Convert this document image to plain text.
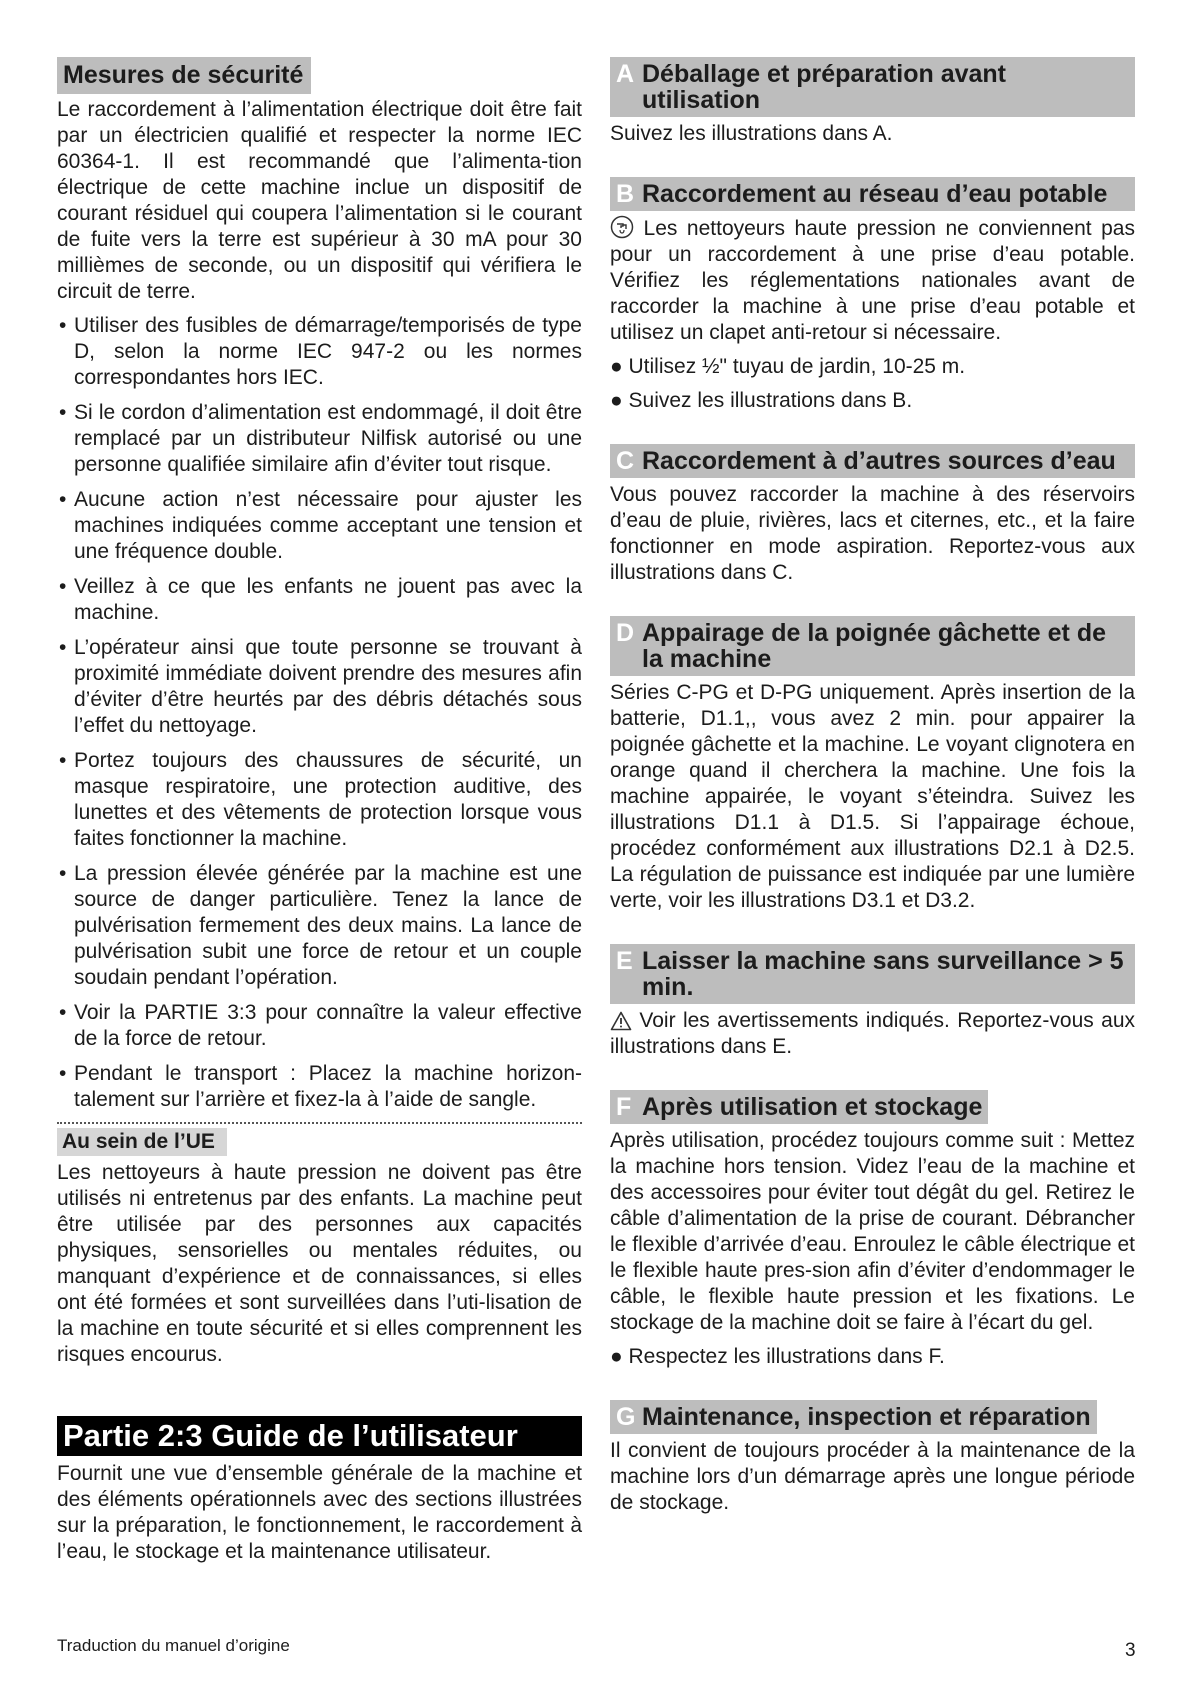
Mesures de sécurité

Le raccordement à l’alimentation électrique doit être fait par un électricien qualifié et respecter la norme IEC 60364-1. Il est recommandé que l’alimenta-tion électrique de cette machine inclue un dispositif de courant résiduel qui coupera l’alimentation si le courant de fuite vers la terre est supérieur à 30 mA pour 30 millièmes de seconde, ou un dispositif qui vérifiera le circuit de terre.

• Utiliser des fusibles de démarrage/temporisés de type D, selon la norme IEC 947-2 ou les normes correspondantes hors IEC.
• Si le cordon d’alimentation est endommagé, il doit être remplacé par un distributeur Nilfisk autorisé ou une personne qualifiée similaire afin d’éviter tout risque.
• Aucune action n’est nécessaire pour ajuster les machines indiquées comme acceptant une tension et une fréquence double.
• Veillez à ce que les enfants ne jouent pas avec la machine.
• L’opérateur ainsi que toute personne se trouvant à proximité immédiate doivent prendre des mesures afin d’éviter d’être heurtés par des débris détachés sous l’effet du nettoyage.
• Portez toujours des chaussures de sécurité, un masque respiratoire, une protection auditive, des lunettes et des vêtements de protection lorsque vous faites fonctionner la machine.
• La pression élevée générée par la machine est une source de danger particulière. Tenez la lance de pulvérisation fermement des deux mains. La lance de pulvérisation subit une force de retour et un couple soudain pendant l’opération.
• Voir la PARTIE 3:3 pour connaître la valeur effective de la force de retour.
• Pendant le transport : Placez la machine horizon-talement sur l’arrière et fixez-la à l’aide de sangle.
Au sein de l’UE

Les nettoyeurs à haute pression ne doivent pas être utilisés ni entretenus par des enfants. La machine peut être utilisée par des personnes aux capacités physiques, sensorielles ou mentales réduites, ou manquant d’expérience et de connaissances, si elles ont été formées et sont surveillées dans l’uti-lisation de la machine en toute sécurité et si elles comprennent les risques encourus.

Partie 2:3 Guide de l’utilisateur

Fournit une vue d’ensemble générale de la machine et des éléments opérationnels avec des sections illustrées sur la préparation, le fonctionnement, le raccordement à l’eau, le stockage et la maintenance utilisateur.

A Déballage et préparation avant utilisation

Suivez les illustrations dans A.

B Raccordement au réseau d’eau potable

Les nettoyeurs haute pression ne conviennent pas pour un raccordement à une prise d’eau potable. Vérifiez les réglementations nationales avant de raccorder la machine à une prise d’eau potable et utilisez un clapet anti-retour si nécessaire.

● Utilisez ½" tuyau de jardin, 10-25 m.
● Suivez les illustrations dans B.
C Raccordement à d’autres sources d’eau

Vous pouvez raccorder la machine à des réservoirs d’eau de pluie, rivières, lacs et citernes, etc., et la faire fonctionner en mode aspiration. Reportez-vous aux illustrations dans C.

D Appairage de la poignée gâchette et de la machine

Séries C-PG et D-PG uniquement. Après insertion de la batterie, D1.1,, vous avez 2 min. pour appairer la poignée gâchette et la machine. Le voyant clignotera en orange quand il cherchera la machine. Une fois la machine appairée, le voyant s’éteindra. Suivez les illustrations D1.1 à D1.5. Si l’appairage échoue, procédez conformément aux illustrations D2.1 à D2.5. La régulation de puissance est indiquée par une lumière verte, voir les illustrations D3.1 et D3.2.

E Laisser la machine sans surveillance > 5 min.

Voir les avertissements indiqués. Reportez-vous aux illustrations dans E.

F Après utilisation et stockage

Après utilisation, procédez toujours comme suit : Mettez la machine hors tension. Videz l’eau de la machine et des accessoires pour éviter tout dégât du gel. Retirez le câble d’alimentation de la prise de courant. Débrancher le flexible d’arrivée d’eau. Enroulez le câble électrique et le flexible haute pres-sion afin d’éviter d’endommager le câble, le flexible haute pression et les fixations. Le stockage de la machine doit se faire à l’écart du gel.

● Respectez les illustrations dans F.
G Maintenance, inspection et réparation

Il convient de toujours procéder à la maintenance de la machine lors d’un démarrage après une longue période de stockage.

Traduction du manuel d’origine	3
